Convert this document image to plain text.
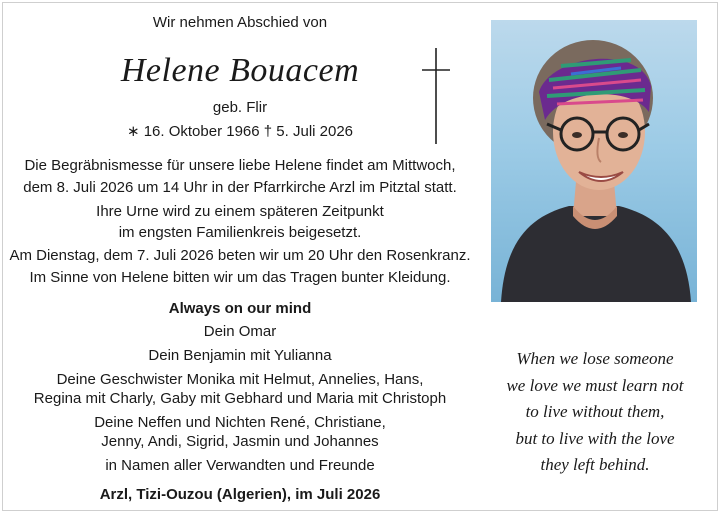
Wir nehmen Abschied von
Helene Bouacem
geb. Flir
∗ 16. Oktober 1966 † 5. Juli 2026
Die Begräbnismesse für unsere liebe Helene findet am Mittwoch,
dem 8. Juli 2026 um 14 Uhr in der Pfarrkirche Arzl im Pitztal statt.
Ihre Urne wird zu einem späteren Zeitpunkt
im engsten Familienkreis beigesetzt.
Am Dienstag, dem 7. Juli 2026 beten wir um 20 Uhr den Rosenkranz.
Im Sinne von Helene bitten wir um das Tragen bunter Kleidung.
Always on our mind
Dein Omar
Dein Benjamin mit Yulianna
Deine Geschwister Monika mit Helmut, Annelies, Hans,
Regina mit Charly, Gaby mit Gebhard und Maria mit Christoph
Deine Neffen und Nichten René, Christiane,
Jenny, Andi, Sigrid, Jasmin und Johannes
in Namen aller Verwandten und Freunde
Arzl, Tizi-Ouzou (Algerien), im Juli 2026
When we lose someone
we love we must learn not
to live without them,
but to live with the love
they left behind.
